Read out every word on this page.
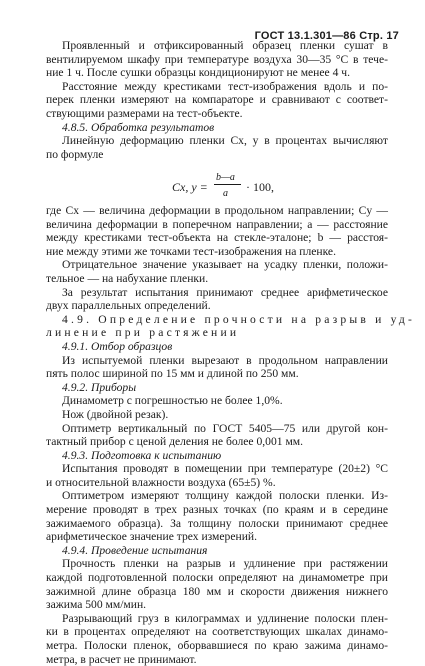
ГОСТ 13.1.301—86 Стр. 17
Проявленный и отфиксированный образец пленки сушат в
вентилируемом шкафу при температуре воздуха 30—35 °С в тече-
ние 1 ч. После сушки образцы кондиционируют не менее 4 ч.
Расстояние между крестиками тест-изображения вдоль и по-
перек пленки измеряют на компараторе и сравнивают с соответ-
ствующими размерами на тест-объекте.
4.8.5. Обработка результатов
Линейную деформацию пленки Cx, y в процентах вычисляют
по формуле
Cx, y =
b—a
a · 100,
где Cx — величина деформации в продольном направлении; Cy —
величина деформации в поперечном направлении; a — расстояние
между крестиками тест-объекта на стекле-эталоне; b — расстоя-
ние между этими же точками тест-изображения на пленке.
Отрицательное значение указывает на усадку пленки, положи-
тельное — на набухание пленки.
За результат испытания принимают среднее арифметическое
двух параллельных определений.
4.9. Определение прочности на разрыв и уд-
линение при растяжении
4.9.1. Отбор образцов
Из испытуемой пленки вырезают в продольном направлении
пять полос шириной по 15 мм и длиной по 250 мм.
4.9.2. Приборы
Динамометр с погрешностью не более 1,0%.
Нож (двойной резак).
Оптиметр вертикальный по ГОСТ 5405—75 или другой кон-
тактный прибор с ценой деления не более 0,001 мм.
4.9.3. Подготовка к испытанию
Испытания проводят в помещении при температуре (20±2) °С
и относительной влажности воздуха (65±5) %.
Оптиметром измеряют толщину каждой полоски пленки. Из-
мерение проводят в трех разных точках (по краям и в середине
зажимаемого образца). За толщину полоски принимают среднее
арифметическое значение трех измерений.
4.9.4. Проведение испытания
Прочность пленки на разрыв и удлинение при растяжении
каждой подготовленной полоски определяют на динамометре при
зажимной длине образца 180 мм и скорости движения нижнего
зажима 500 мм/мин.
Разрывающий груз в килограммах и удлинение полоски плен-
ки в процентах определяют на соответствующих шкалах динамо-
метра. Полоски пленок, оборвавшиеся по краю зажима динамо-
метра, в расчет не принимают.
